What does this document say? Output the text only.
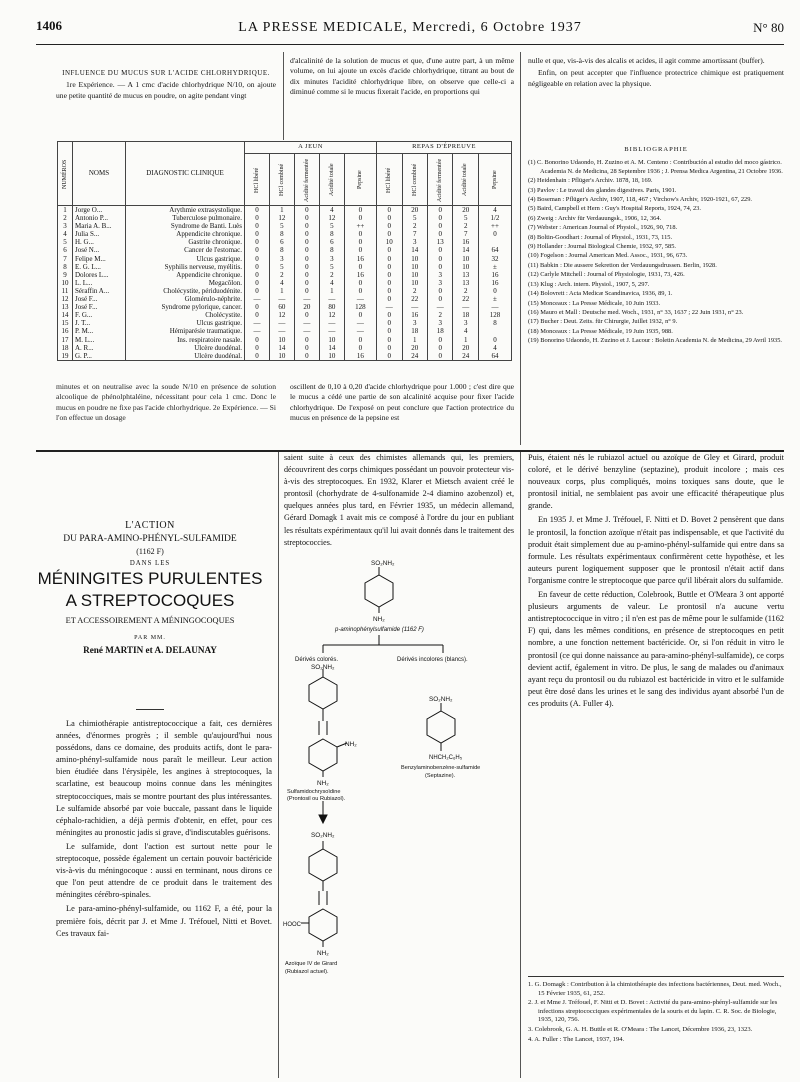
1406	LA PRESSE MEDICALE, Mercredi, 6 Octobre 1937	N° 80

INFLUENCE DU MUCUS SUR L'ACIDE CHLORHYDRIQUE.

1re Expérience. — A 1 cmc d'acide chlorhydrique N/10, on ajoute une petite quantité de mucus en poudre, on agite pendant vingt

d'alcalinité de la solution de mucus et que, d'une autre part, à un même volume, on lui ajoute un excès d'acide chlorhydrique, titrant au bout de dix minutes l'acidité chlorhydrique libre, on observe que celle-ci a diminué comme si le mucus fixerait l'acide, en proportions qui

nulle et que, vis-à-vis des alcalis et acides, il agit comme amortissant (buffer).

Enfin, on peut accepter que l'influence protectrice chimique est pratiquement négligeable en relation avec la physique.

NUMÉROS	NOMS	DIAGNOSTIC CLINIQUE	A JEUN					REPAS D'ÉPREUVE				

			HCl libéré	HCl combiné	Acidité fermentée	Acidité totale	Pepsine	HCl libéré	HCl combiné	Acidité fermentée	Acidité totale	Pepsine

1	Jorge O...	Arythmie extrasystolique.	0	1	0	4	0	0	20	0	20	4
2	Antonio P...	Tuberculose pulmonaire.	0	12	0	12	0	0	5	0	5	1/2
3	Maria A. B...	Syndrome de Banti. Luès	0	5	0	5	++	0	2	0	2	++
4	Julia S...	Appendicite chronique.	0	8	0	8	0	0	7	0	7	0
5	H. G...	Gastrite chronique.	0	6	0	6	0	10	3	13	16	
6	José N...	Cancer de l'estomac.	0	8	0	8	0	0	14	0	14	64
7	Felipe M...	Ulcus gastrique.	0	3	0	3	16	0	10	0	10	32
8	E. G. L...	Syphilis nerveuse, myélitis.	0	5	0	5	0	0	10	0	10	±
9	Dolores L...	Appendicite chronique.	0	2	0	2	16	0	10	3	13	16
10	L. L...	Megacôlon.	0	4	0	4	0	0	10	3	13	16
11	Séraffin A...	Cholécystite, périduodénite.	0	1	0	1	0	0	2	0	2	0
12	José F...	Glomérulo-néphrite.	—	—	—	—	—	0	22	0	22	±
13	José F...	Syndrome pylorique, cancer.	0	60	20	80	128	—	—	—	—	—
14	F. G...	Cholécystite.	0	12	0	12	0	0	16	2	18	128
15	J. T...	Ulcus gastrique.	—	—	—	—	—	0	3	3	3	8
16	P. M...	Hémiparésie traumatique.	—	—	—	—	—	0	18	18	4	
17	M. L...	Ins. respiratoire nasale.	0	10	0	10	0	0	1	0	1	0
18	A. R...	Ulcère duodénal.	0	14	0	14	0	0	20	0	20	4
19	G. P...	Ulcère duodénal.	0	10	0	10	16	0	24	0	24	64

minutes et on neutralise avec la soude N/10 en présence de solution alcoolique de phénolphtaléine, nécessitant pour cela 1 cmc. Donc le mucus en poudre ne fixe pas l'acide chlorhydrique. 2e Expérience. — Si l'on effectue un dosage

oscillent de 0,10 à 0,20 d'acide chlorhydrique pour 1.000 ; c'est dire que le mucus a cédé une partie de son alcalinité acquise pour fixer l'acide chlorhydrique. De l'exposé on peut conclure que l'action protectrice du mucus en présence de la pepsine est

BIBLIOGRAPHIE
(1) C. Bonorino Udaondo, H. Zuzino et A. M. Centeno : Contribución al estudio del moco gástrico. Academia N. de Medicina, 28 Septembre 1936 ; J. Prensa Medica Argentina, 21 Octobre 1936.
(2) Heidenhain : Pflüger's Archiv. 1878, 18, 169.
(3) Pavlov : Le travail des glandes digestives. Paris, 1901.
(4) Boseman : Pflüger's Archiv, 1907, 118, 467 ; Virchow's Archiv, 1920-1921, 67, 229.
(5) Baird, Campbell et Hern : Guy's Hospital Reports, 1924, 74, 23.
(6) Zweig : Archiv für Verdauungsk., 1906, 12, 364.
(7) Webster : American Journal of Physiol., 1926, 90, 718.
(8) Boltin-Goodhart : Journal of Physiol., 1931, 73, 115.
(9) Hollander : Journal Biological Chemie, 1932, 97, 585.
(10) Fogelson : Journal American Med. Assoc., 1931, 96, 673.
(11) Babkin : Die aussere Sekretion der Verdauungsdrussen. Berlin, 1928.
(12) Carlyle Mitchell : Journal of Physiologie, 1931, 73, 426.
(13) Klug : Arch. intern. Physiol., 1907, 5, 297.
(14) Bolovrett : Acta Medicæ Scandinavica, 1936, 89, 1.
(15) Monceaux : La Presse Médicale, 10 Juin 1933.
(16) Mauro et Mall : Deutsche med. Woch., 1931, n° 33, 1637 ; 22 Juin 1931, n° 23.
(17) Bucher : Deut. Zeits. für Chirurgie, Juillet 1932, n° 9.
(18) Monceaux : La Presse Médicale, 19 Juin 1935, 988.
(19) Bonorino Udaondo, H. Zuzino et J. Lacour : Boletin Academia N. de Medicina, 29 Avril 1935.
L'ACTION
DU PARA-AMINO-PHÉNYL-SULFAMIDE
(1162 F)
DANS LES
MÉNINGITES PURULENTES
A STREPTOCOQUES
ET ACCESSOIREMENT A MÉNINGOCOQUES
PAR MM.
René MARTIN et A. DELAUNAY

La chimiothérapie antistreptococcique a fait, ces dernières années, d'énormes progrès ; il semble qu'aujourd'hui nous possédons, dans ce domaine, des produits actifs, dont le para-amino-phényl-sulfamide nous paraît le meilleur. Leur action bien étudiée dans l'érysipèle, les angines à streptocoques, la scarlatine, est beaucoup moins connue dans les méningites streptococciques, mais se montre pourtant des plus intéressantes. Le sulfamide absorbé par voie buccale, passant dans le liquide céphalo-rachidien, a déjà permis d'obtenir, en effet, pour ces méningites au pronostic jadis si grave, d'indiscutables guérisons.

Le sulfamide, dont l'action est surtout nette pour le streptocoque, possède également un certain pouvoir bactéricide vis-à-vis du méningocoque : aussi en terminant, nous dirons ce que l'on peut attendre de ce produit dans le traitement des méningites cérébro-spinales.

Le para-amino-phényl-sulfamide, ou 1162 F, a été, pour la première fois, décrit par J. et Mme J. Tréfouel, Nitti et Bovet. Ces travaux fai-

saient suite à ceux des chimistes allemands qui, les premiers, découvrirent des corps chimiques possédant un pouvoir protecteur vis-à-vis des streptocoques. En 1932, Klarer et Mietsch avaient créé le prontosil (chorhydrate de 4-sulfonamide 2-4 diamino azobenzol) et, quelques années plus tard, en Février 1935, un médecin allemand, Gérard Domagk 1 avait mis ce composé à l'ordre du jour en publiant les résultats expérimentaux qu'il lui avait donnés dans le traitement des streptococcies.

Puis, étaient nés le rubiazol actuel ou azoïque de Gley et Girard, produit coloré, et le dérivé benzyline (septazine), produit incolore ; mais ces nouveaux corps, plus compliqués, moins toxiques sans doute, que le prontosil initial, ne semblaient pas avoir une efficacité thérapeutique plus grande.

En 1935 J. et Mme J. Tréfouel, F. Nitti et D. Bovet 2 pensèrent que dans le prontosil, la fonction azoïque n'était pas indispensable, et que l'activité du produit était simplement due au p-amino-phényl-sulfamide qui entre dans sa formule. Les résultats expérimentaux confirmèrent cette hypothèse, et les auteurs purent logiquement supposer que le prontosil n'était actif dans l'organisme contre le streptocoque que parce qu'il libérait alors du sulfamide.

En faveur de cette réduction, Colebrook, Buttle et O'Meara 3 ont apporté plusieurs arguments de valeur. Le prontosil n'a aucune vertu antistreptococcique in vitro ; il n'en est pas de même pour le sulfamide (1162 F) qui, dans les mêmes conditions, en présence de streptocoques en petit nombre, a une fonction nettement bactéricide. Or, si l'on réduit in vitro le prontosil (ce qui donne naissance au para-amino-phényl-sulfamide), ce corps devient actif, également in vitro. De plus, le sang de malades ou d'animaux ayant reçu du prontosil ou du rubiazol est bactéricide in vitro et le sulfamide peut être dosé dans les urines et le sang des individus ayant absorbé l'un de ces produits (A. Fuller 4).

SO₂NH₂
NH₂
p-aminophénylsulfamide (1162 F)
Dérivés colorés.	Dérivés incolores (blancs).
SO₂NH₂
NH₂
NH₂
Sulfamidochrysoïdine
(Prontosil ou Rubiazol).
SO₂NH₂
HOOC
NH₂
Azoïque IV de Girard
(Rubiazol actuel).
SO₂NH₂
NHCH₂C₆H₅
Benzylaminobenzène-sulfamide
(Septazine).
1. G. Domagk : Contribution à la chimiothérapie des infections bactériennes, Deut. med. Woch., 15 Février 1935, 61, 252.
2. J. et Mme J. Tréfouel, F. Nitti et D. Bovet : Activité du para-amino-phényl-sulfamide sur les infections streptococciques expérimentales de la souris et du lapin. C. R. Soc. de Biologie, 1935, 120, 756.
3. Colebrook, G. A. H. Buttle et R. O'Meara : The Lancet, Décembre 1936, 23, 1323.
4. A. Fuller : The Lancet, 1937, 194.
